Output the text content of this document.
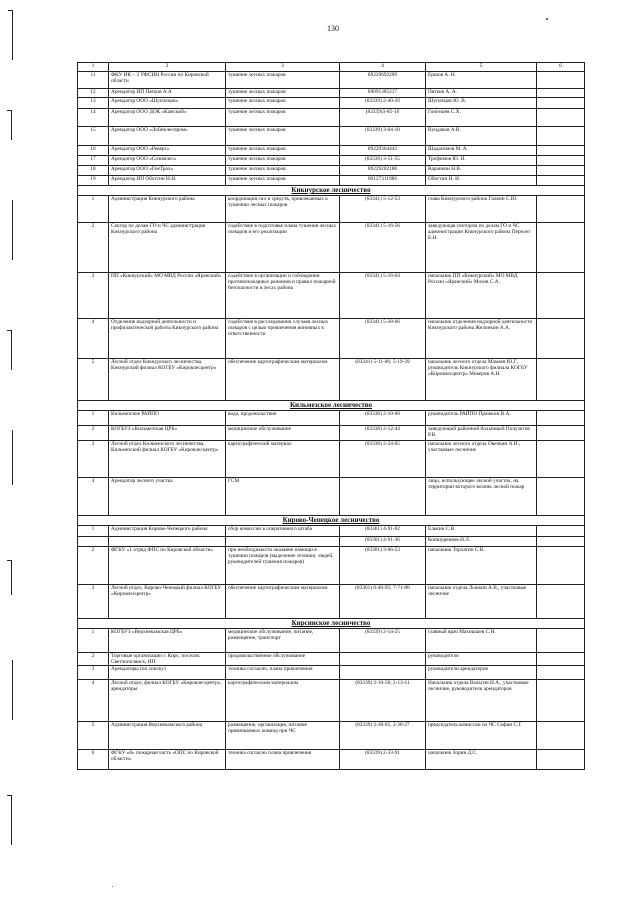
130
1	2	3	4	5	6
11	ФКУ ИК – 3 УФСИН России по Кировской области	тушение лесных пожаров	89229692209	Ершов А. Н.	
12	Арендатор ИП Пятков А.А	тушение лесных пожаров	89091385217	Пятков А. А.	
13	Арендатор ООО «Шуплецов»	тушение лесных пожаров	(83339) 2-40-10	Шуплецов Ю. В.	
14	Арендатор ООО ДОК «Камский»	тушение лесных пожаров	(83339)3-85-16	Гонгешев С.Х.	
15	Арендатор ООО «Лойнолеспром»	тушение лесных пожаров	(83339) 3-04-10	Вундаков А.В.	
16	Арендатор ООО «Реверс»	тушение лесных пожаров	89229364442	Шадагимов М. А.	
17	Арендатор ООО «Созимлес»	тушение лесных пожаров	(83339) 3-51-55	Трофимов Ю. Н.	
18	Арендатор ООО «ГенТрал»	тушение лесных пожаров	89229202188	Варанкин Н.В.	
19	Арендатор ИП Обогтин Н.И.	тушение лесных пожаров	89127311986	Обогтин Н. И.	
Кикнурское лесничество					
1	Администрация Кикнурского района	координация сил и средств, привлекаемых к тушению лесных пожаров	(83341) 5-12-53	глава Кикнурского района Галкин С.Ю.	
2	Сектор по делам ГО и ЧС администрации Кикнурского района	содействие в подготовке плана тушения лесных пожаров и его реализации	(83341) 5-16-56	заведующая сектором по делам ГО и ЧС администрации Кикнурского района Перелет Е.Н.	
3	ПП «Кикнурский» МО МВД России «Яранский»	содействие в организации и соблюдении противопожарных режимов и правил пожарной безопасности в лесах района	(83341) 5-16-04	начальник ПП «Кикнурский» МО МВД России «Яранский» Мохов С.А.	
4	Отделение надзорной деятельности и профилактической работы Кикнурского района	содействие в расследовании случаев лесных пожаров с целью привлечения виновных к ответственности	(83341) 5-28-66	начальник отделения надзорной деятельности Кикнурского района Желонкин А.А.	
5	Лесной отдел Кикнурского лесничества, Кикнурский филиал КОГБУ «Кировлесцентр»	обеспечение картографическим материалом	(83341) 5-11-06; 5-19-39	начальник лесного отдела Мамаев Ю.Г., руководитель Кикнурского филиала КОГБУ «Кировлесцентр» Мокеров А.Н.	
Кильмезское лесничество					
1	Кильмезское РАЙПО	вода, продовольствие	(83338) 2-10-60	руководитель РАЙПО Пряжкин В.А.	
2	КОГБУЗ «Кильмезская ЦРБ»	медицинское обслуживание	(83338) 2-12-44	заведующий районной больницей Полуэктов Р.В.	
3	Лесной отдел Кильмезского лесничества, Кильмезский филиал КОГБУ «Кировлесцентр»	картографический материал	(83338) 2-24-05	начальник лесного отдела Овечкин А.Н.; участковые лесничие	
4	Арендатор лесного участка	ГСМ		лицо, использующее лесной участок, на территории которого возник лесной пожар	
Кирово-Чепецкое лесничество					
1	Администрация Кирово-Чепецкого района	сбор комиссии в оперативного штаба	(83361) 4-91-02	Елькин С.В.	
			(83361) 4-91-36	Коншуренков Н.Л.	
2	ФГКУ «1 отряд ФПС по Кировской области»	при необходимости оказание помощи в тушении пожаров (выделение техники, людей, руководителей тушения пожаров)	(83361) 3-66-53	начальник Торхатин С.В.	
3	Лесной отдел, Кирово-Чепецкий филиал КОГБУ «Кировлесцентр»	обеспечение картографическим материалом	(83361) 6-40-95; 7-71-88	начальник отдела Ложкин А.В., участковые лесничие	
Кирсинское лесничество					
1	КОГБУЗ «Верхнекамская ЦРБ»	медицинское обслуживание, питание, размещение, транспорт	(83339) 2-14-25	главный врач Махнышев С.Н.	
2	Торговые организации г. Кирс, поселок Светлополянск, ИП	продовольственное обслуживание		руководители	
3	Арендаторы (по списку)	техника согласно, плана привлечения		руководители арендаторов	
4	Лесной отдел, филиал КОГБУ «Кировлесцентр», арендаторы	картографическим материалом	(83339) 2-10-50; 2-13-11	Начальник отдела Вальгин Н.А., участковые лесничие, руководители арендаторов	
5	Администрация Верхнекамского района	размещение, организация, питание привлекаемых команд при ЧС	(83339) 2-30-05, 2-30-27	председатель комиссии по ЧС Софин С.Г.	
6	ФГКУ «8» пожарная часть «ОПС по Кировской области»	техника согласно плана привлечения	(83339) 2-33-91	начальник Зорин Д.С.	
